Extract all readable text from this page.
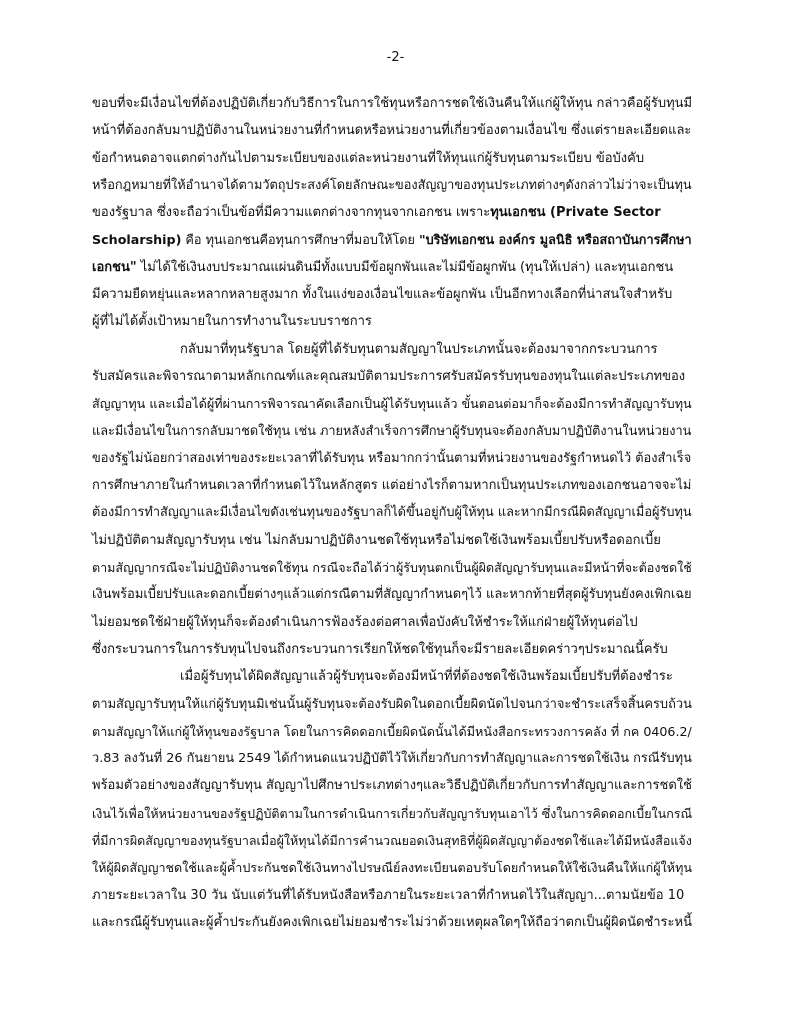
-2-
ขอบที่จะมีเงื่อนไขที่ต้องปฏิบัติเกี่ยวกับวิธีการในการใช้ทุนหรือการชดใช้เงินคืนให้แก่ผู้ให้ทุน กล่าวคือผู้รับทุนมี
หน้าที่ต้องกลับมาปฏิบัติงานในหน่วยงานที่กำหนดหรือหน่วยงานที่เกี่ยวข้องตามเงื่อนไข ซึ่งแต่รายละเอียดและ
ข้อกำหนดอาจแตกต่างกันไปตามระเบียบของแต่ละหน่วยงานที่ให้ทุนแก่ผู้รับทุนตามระเบียบ ข้อบังคับ
หรือกฎหมายที่ให้อำนาจได้ตามวัตถุประสงค์โดยลักษณะของสัญญาของทุนประเภทต่างๆดังกล่าวไม่ว่าจะเป็นทุน
ของรัฐบาล ซึ่งจะถือว่าเป็นข้อที่มีความแตกต่างจากทุนจากเอกชน เพราะ ทุนเอกชน (Private Sector
Scholarship) คือ ทุนเอกชนคือทุนการศึกษาที่มอบให้โดย "บริษัทเอกชน องค์กร มูลนิธิ หรือสถาบันการศึกษา
เอกชน" ไม่ได้ใช้เงินงบประมาณแผ่นดินมีทั้งแบบมีข้อผูกพันและไม่มีข้อผูกพัน (ทุนให้เปล่า) และทุนเอกชน
มีความยืดหยุ่นและหลากหลายสูงมาก ทั้งในแง่ของเงื่อนไขและข้อผูกพัน เป็นอีกทางเลือกที่น่าสนใจสำหรับ
ผู้ที่ไม่ได้ตั้งเป้าหมายในการทำงานในระบบราชการ
กลับมาที่ทุนรัฐบาล โดยผู้ที่ได้รับทุนตามสัญญาในประเภทนั้นจะต้องมาจากกระบวนการ
รับสมัครและพิจารณาตามหลักเกณฑ์และคุณสมบัติตามประการศรับสมัครรับทุนของทุนในแต่ละประเภทของ
สัญญาทุน และเมื่อได้ผู้ที่ผ่านการพิจารณาคัดเลือกเป็นผู้ได้รับทุนแล้ว ขั้นตอนต่อมาก็จะต้องมีการทำสัญญารับทุน
และมีเงื่อนไขในการกลับมาชดใช้ทุน เช่น ภายหลังสำเร็จการศึกษาผู้รับทุนจะต้องกลับมาปฏิบัติงานในหน่วยงาน
ของรัฐไม่น้อยกว่าสองเท่าของระยะเวลาที่ได้รับทุน หรือมากกว่านั้นตามที่หน่วยงานของรัฐกำหนดไว้ ต้องสำเร็จ
การศึกษาภายในกำหนดเวลาที่กำหนดไว้ในหลักสูตร แต่อย่างไรก็ตามหากเป็นทุนประเภทของเอกชนอาจจะไม่
ต้องมีการทำสัญญาและมีเงื่อนไขดังเช่นทุนของรัฐบาลก็ได้ขึ้นอยู่กับผู้ให้ทุน และหากมีกรณีผิดสัญญาเมื่อผู้รับทุน
ไม่ปฏิบัติตามสัญญารับทุน เช่น ไม่กลับมาปฏิบัติงานชดใช้ทุนหรือไม่ชดใช้เงินพร้อมเบี้ยปรับหรือดอกเบี้ย
ตามสัญญากรณีจะไม่ปฏิบัติงานชดใช้ทุน กรณีจะถือได้ว่าผู้รับทุนตกเป็นผู้ผิดสัญญารับทุนและมีหน้าที่จะต้องชดใช้
เงินพร้อมเบี้ยปรับและดอกเบี้ยต่างๆแล้วแต่กรณีตามที่สัญญากำหนดๆไว้ และหากท้ายที่สุดผู้รับทุนยังคงเพิกเฉย
ไม่ยอมชดใช้ฝ่ายผู้ให้ทุนก็จะต้องดำเนินการฟ้องร้องต่อศาลเพื่อบังคับให้ชำระให้แก่ฝ่ายผู้ให้ทุนต่อไป
ซึ่งกระบวนการในการรับทุนไปจนถึงกระบวนการเรียกให้ชดใช้ทุนก็จะมีรายละเอียดคร่าวๆประมาณนี้ครับ
เมื่อผู้รับทุนได้ผิดสัญญาแล้วผู้รับทุนจะต้องมีหน้าที่ที่ต้องชดใช้เงินพร้อมเบี้ยปรับที่ต้องชำระ
ตามสัญญารับทุนให้แก่ผู้รับทุนมิเช่นนั้นผู้รับทุนจะต้องรับผิดในดอกเบี้ยผิดนัดไปจนกว่าจะชำระเสร็จสิ้นครบถ้วน
ตามสัญญาให้แก่ผู้ให้ทุนของรัฐบาล โดยในการคิดดอกเบี้ยผิดนัดนั้นได้มีหนังสือกระทรวงการคลัง ที่ กค 0406.2/
ว.83 ลงวันที่ 26 กันยายน 2549 ได้กำหนดแนวปฏิบัติไว้ให้เกี่ยวกับการทำสัญญาและการชดใช้เงิน กรณีรับทุน
พร้อมตัวอย่างของสัญญารับทุน สัญญาไปศึกษาประเภทต่างๆและวิธีปฏิบัติเกี่ยวกับการทำสัญญาและการชดใช้
เงินไว้เพื่อให้หน่วยงานของรัฐปฏิบัติตามในการดำเนินการเกี่ยวกับสัญญารับทุนเอาไว้ ซึ่งในการคิดดอกเบี้ยในกรณี
ที่มีการผิดสัญญาของทุนรัฐบาลเมื่อผู้ให้ทุนได้มีการคำนวณยอดเงินสุทธิที่ผู้ผิดสัญญาต้องชดใช้และได้มีหนังสือแจ้ง
ให้ผู้ผิดสัญญาชดใช้และผู้ค้ำประกันชดใช้เงินทางไปรษณีย์ลงทะเบียนตอบรับโดยกำหนดให้ใช้เงินคืนให้แก่ผู้ให้ทุน
ภายระยะเวลาใน 30 วัน นับแต่วันที่ได้รับหนังสือหรือภายในระยะเวลาที่กำหนดไว้ในสัญญา...ตามนัยข้อ 10
และกรณีผู้รับทุนและผู้ค้ำประกันยังคงเพิกเฉยไม่ยอมชำระไม่ว่าด้วยเหตุผลใดๆให้ถือว่าตกเป็นผู้ผิดนัดชำระหนี้
